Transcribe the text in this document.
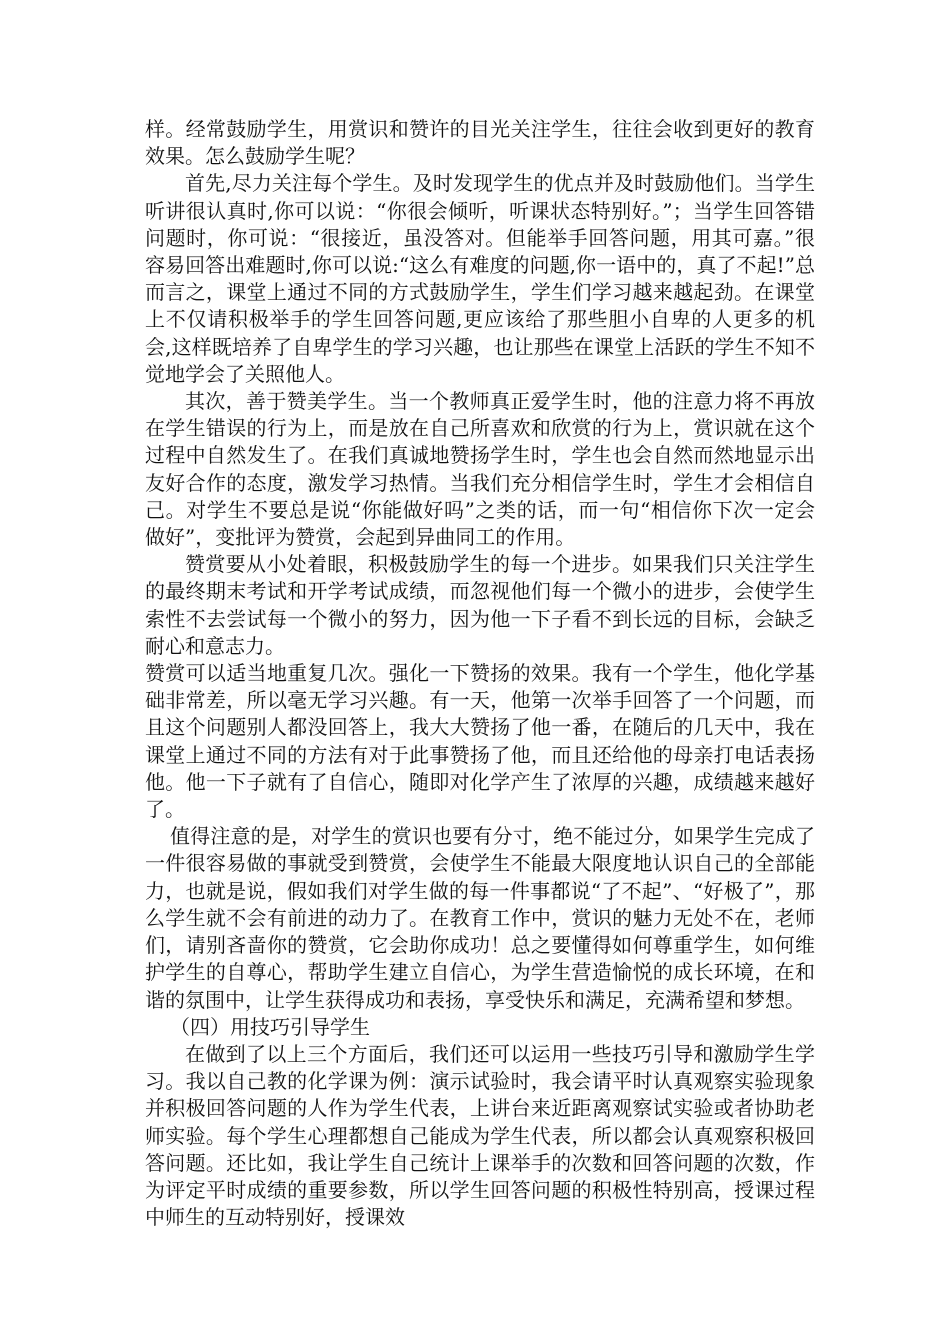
样。经常鼓励学生，用赏识和赞许的目光关注学生，往往会收到更好的教育效果。怎么鼓励学生呢？

首先,尽力关注每个学生。及时发现学生的优点并及时鼓励他们。当学生听讲很认真时,你可以说：“你很会倾听，听课状态特别好。”；当学生回答错问题时，你可说：“很接近，虽没答对。但能举手回答问题，用其可嘉。”很容易回答出难题时,你可以说:“这么有难度的问题,你一语中的，真了不起!”总而言之，课堂上通过不同的方式鼓励学生，学生们学习越来越起劲。在课堂上不仅请积极举手的学生回答问题,更应该给了那些胆小自卑的人更多的机会,这样既培养了自卑学生的学习兴趣，也让那些在课堂上活跃的学生不知不觉地学会了关照他人。

其次，善于赞美学生。当一个教师真正爱学生时，他的注意力将不再放在学生错误的行为上，而是放在自己所喜欢和欣赏的行为上，赏识就在这个过程中自然发生了。在我们真诚地赞扬学生时，学生也会自然而然地显示出友好合作的态度，激发学习热情。当我们充分相信学生时，学生才会相信自己。对学生不要总是说“你能做好吗”之类的话，而一句“相信你下次一定会做好”，变批评为赞赏，会起到异曲同工的作用。

赞赏要从小处着眼，积极鼓励学生的每一个进步。如果我们只关注学生的最终期末考试和开学考试成绩，而忽视他们每一个微小的进步，会使学生索性不去尝试每一个微小的努力，因为他一下子看不到长远的目标，会缺乏耐心和意志力。

赞赏可以适当地重复几次。强化一下赞扬的效果。我有一个学生，他化学基础非常差，所以毫无学习兴趣。有一天，他第一次举手回答了一个问题，而且这个问题别人都没回答上，我大大赞扬了他一番，在随后的几天中，我在课堂上通过不同的方法有对于此事赞扬了他，而且还给他的母亲打电话表扬他。他一下子就有了自信心，随即对化学产生了浓厚的兴趣，成绩越来越好了。

值得注意的是，对学生的赏识也要有分寸，绝不能过分，如果学生完成了一件很容易做的事就受到赞赏，会使学生不能最大限度地认识自己的全部能力，也就是说，假如我们对学生做的每一件事都说“了不起”、“好极了”，那么学生就不会有前进的动力了。在教育工作中，赏识的魅力无处不在，老师们，请别吝啬你的赞赏，它会助你成功！总之要懂得如何尊重学生，如何维护学生的自尊心，帮助学生建立自信心，为学生营造愉悦的成长环境，在和谐的氛围中，让学生获得成功和表扬，享受快乐和满足，充满希望和梦想。

（四）用技巧引导学生

在做到了以上三个方面后，我们还可以运用一些技巧引导和激励学生学习。我以自己教的化学课为例：演示试验时，我会请平时认真观察实验现象并积极回答问题的人作为学生代表，上讲台来近距离观察试实验或者协助老师实验。每个学生心理都想自己能成为学生代表，所以都会认真观察积极回答问题。还比如，我让学生自己统计上课举手的次数和回答问题的次数，作为评定平时成绩的重要参数，所以学生回答问题的积极性特别高，授课过程中师生的互动特别好，授课效
